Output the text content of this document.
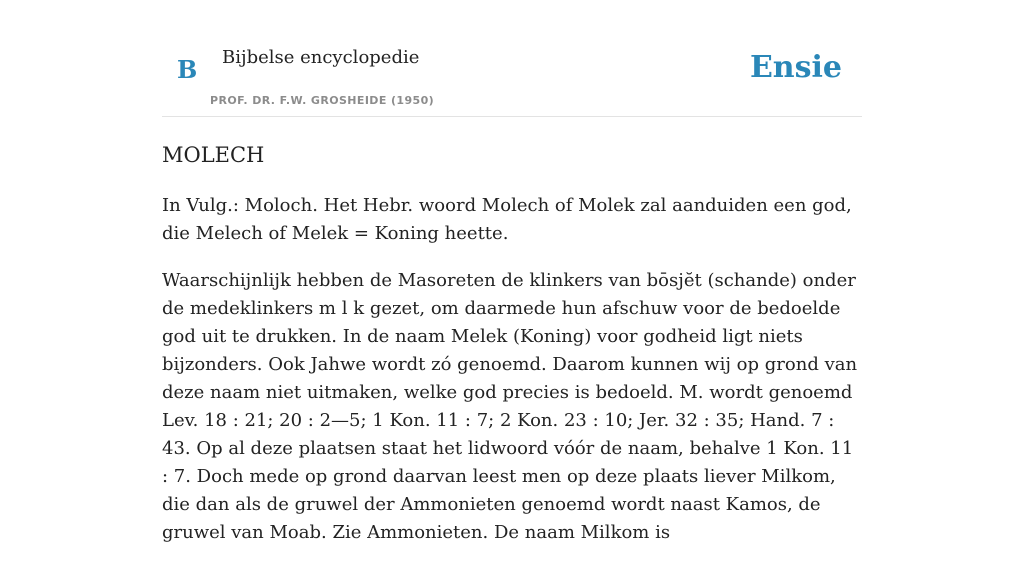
B Bijbelse encyclopedie
PROF. DR. F.W. GROSHEIDE (1950)
Ensie
MOLECH

In Vulg.: Moloch. Het Hebr. woord Molech of Molek zal aanduiden een god, die Melech of Melek = Koning heette.

Waarschijnlijk hebben de Masoreten de klinkers van bōsjĕt (schande) onder de medeklinkers m l k gezet, om daarmede hun afschuw voor de bedoelde god uit te drukken. In de naam Melek (Koning) voor godheid ligt niets bijzonders. Ook Jahwe wordt zó genoemd. Daarom kunnen wij op grond van deze naam niet uitmaken, welke god precies is bedoeld. M. wordt genoemd Lev. 18 : 21; 20 : 2—5; 1 Kon. 11 : 7; 2 Kon. 23 : 10; Jer. 32 : 35; Hand. 7 : 43. Op al deze plaatsen staat het lidwoord vóór de naam, behalve 1 Kon. 11 : 7. Doch mede op grond daarvan leest men op deze plaats liever Milkom, die dan als de gruwel der Ammonieten genoemd wordt naast Kamos, de gruwel van Moab. Zie Ammonieten. De naam Milkom is
